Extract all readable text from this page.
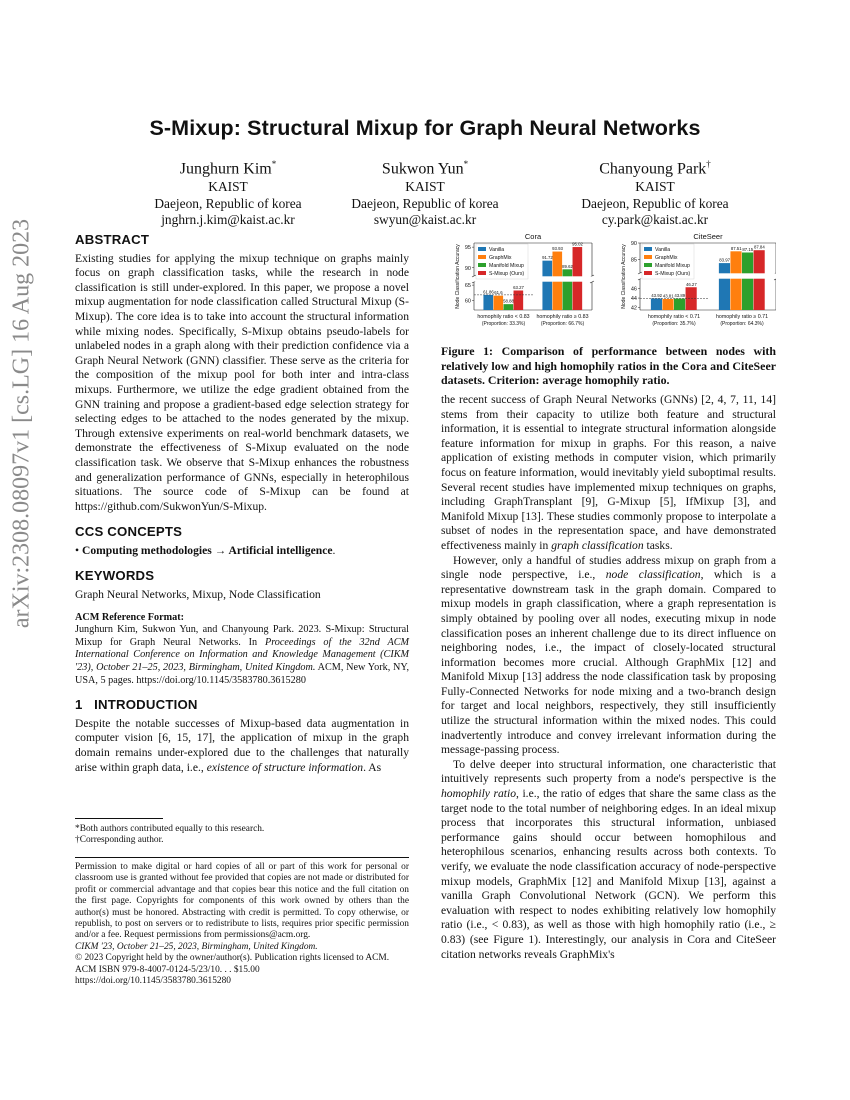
arXiv:2308.08097v1 [cs.LG] 16 Aug 2023
S-Mixup: Structural Mixup for Graph Neural Networks
Junghurn Kim*
KAIST
Daejeon, Republic of korea
jnghrn.j.kim@kaist.ac.kr
Sukwon Yun*
KAIST
Daejeon, Republic of korea
swyun@kaist.ac.kr
Chanyoung Park†
KAIST
Daejeon, Republic of korea
cy.park@kaist.ac.kr
ABSTRACT

Existing studies for applying the mixup technique on graphs mainly focus on graph classification tasks, while the research in node classification is still under-explored. In this paper, we propose a novel mixup augmentation for node classification called Structural Mixup (S-Mixup). The core idea is to take into account the structural information while mixing nodes. Specifically, S-Mixup obtains pseudo-labels for unlabeled nodes in a graph along with their prediction confidence via a Graph Neural Network (GNN) classifier. These serve as the criteria for the composition of the mixup pool for both inter and intra-class mixups. Furthermore, we utilize the edge gradient obtained from the GNN training and propose a gradient-based edge selection strategy for selecting edges to be attached to the nodes generated by the mixup. Through extensive experiments on real-world benchmark datasets, we demonstrate the effectiveness of S-Mixup evaluated on the node classification task. We observe that S-Mixup enhances the robustness and generalization performance of GNNs, especially in heterophilous situations. The source code of S-Mixup can be found at https://github.com/SukwonYun/S-Mixup.

CCS CONCEPTS

• Computing methodologies → Artificial intelligence.

KEYWORDS

Graph Neural Networks, Mixup, Node Classification

ACM Reference Format:

Junghurn Kim, Sukwon Yun, and Chanyoung Park. 2023. S-Mixup: Structural Mixup for Graph Neural Networks. In Proceedings of the 32nd ACM International Conference on Information and Knowledge Management (CIKM '23), October 21–25, 2023, Birmingham, United Kingdom. ACM, New York, NY, USA, 5 pages. https://doi.org/10.1145/3583780.3615280

1 INTRODUCTION

Despite the notable successes of Mixup-based data augmentation in computer vision [6, 15, 17], the application of mixup in the graph domain remains under-explored due to the challenges that naturally arise within graph data, i.e., existence of structure information. As

*Both authors contributed equally to this research.
†Corresponding author.
Permission to make digital or hard copies of all or part of this work for personal or classroom use is granted without fee provided that copies are not made or distributed for profit or commercial advantage and that copies bear this notice and the full citation on the first page. Copyrights for components of this work owned by others than the author(s) must be honored. Abstracting with credit is permitted. To copy otherwise, or republish, to post on servers or to redistribute to lists, requires prior specific permission and/or a fee. Request permissions from permissions@acm.org.
CIKM '23, October 21–25, 2023, Birmingham, United Kingdom.
© 2023 Copyright held by the owner/author(s). Publication rights licensed to ACM.
ACM ISBN 979-8-4007-0124-5/23/10. . . $15.00
https://doi.org/10.1145/3583780.3615280
Cora
60
65
90
95
Node Classification Accuracy	61.86 61.6
58.88
63.27
homophily ratio < 0.83
(Proportion: 33.3%)
91.72
93.93
89.62
95.02
homophily ratio ≥ 0.83
(Proportion: 66.7%)
Vanilla
GraphMix
Manifold Mixup
S-Mixup (Ours)
CiteSeer
42
44
46
85
90
Node Classification Accuracy	43.92 43.81 43.89
46.27
homophily ratio < 0.71
(Proportion: 35.7%)
83.97
87.51 87.15 87.84
homophily ratio ≥ 0.71
(Proportion: 64.3%)
Vanilla
GraphMix
Manifold Mixup
S-Mixup (Ours)
Figure 1: Comparison of performance between nodes with relatively low and high homophily ratios in the Cora and CiteSeer datasets. Criterion: average homophily ratio.

the recent success of Graph Neural Networks (GNNs) [2, 4, 7, 11, 14] stems from their capacity to utilize both feature and structural information, it is essential to integrate structural information alongside feature information for mixup in graphs. For this reason, a naive application of existing methods in computer vision, which primarily focus on feature information, would inevitably yield suboptimal results. Several recent studies have implemented mixup techniques on graphs, including GraphTransplant [9], G-Mixup [5], IfMixup [3], and Manifold Mixup [13]. These studies commonly propose to interpolate a subset of nodes in the representation space, and have demonstrated effectiveness mainly in graph classification tasks.

However, only a handful of studies address mixup on graph from a single node perspective, i.e., node classification, which is a representative downstream task in the graph domain. Compared to mixup models in graph classification, where a graph representation is simply obtained by pooling over all nodes, executing mixup in node classification poses an inherent challenge due to its direct influence on neighboring nodes, i.e., the impact of closely-located structural information becomes more crucial. Although GraphMix [12] and Manifold Mixup [13] address the node classification task by proposing Fully-Connected Networks for node mixing and a two-branch design for target and local neighbors, respectively, they still insufficiently utilize the structural information within the mixed nodes. This could inadvertently introduce and convey irrelevant information during the message-passing process.

To delve deeper into structural information, one characteristic that intuitively represents such property from a node's perspective is the homophily ratio, i.e., the ratio of edges that share the same class as the target node to the total number of neighboring edges. In an ideal mixup process that incorporates this structural information, unbiased performance gains should occur between homophilous and heterophilous scenarios, enhancing results across both contexts. To verify, we evaluate the node classification accuracy of node-perspective mixup models, GraphMix [12] and Manifold Mixup [13], against a vanilla Graph Convolutional Network (GCN). We perform this evaluation with respect to nodes exhibiting relatively low homophily ratio (i.e., < 0.83), as well as those with high homophily ratio (i.e., ≥ 0.83) (see Figure 1). Interestingly, our analysis in Cora and CiteSeer citation networks reveals GraphMix's
